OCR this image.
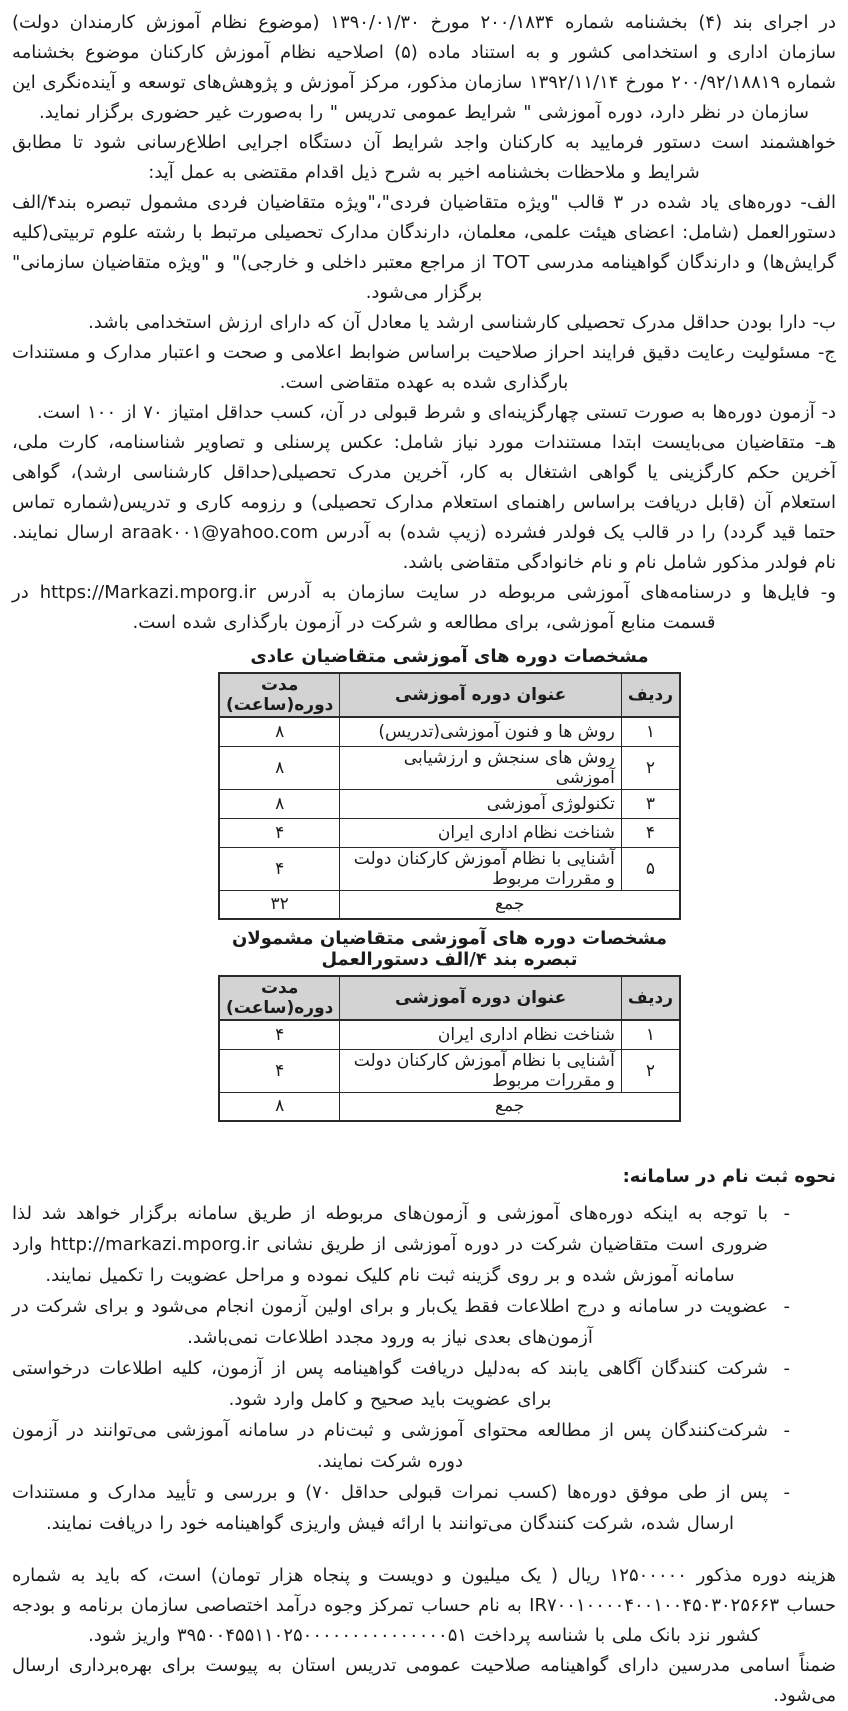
در اجرای بند (۴) بخشنامه شماره ۲۰۰/۱۸۳۴ مورخ ۱۳۹۰/۰۱/۳۰ (موضوع نظام آموزش کارمندان دولت) سازمان اداری و استخدامی کشور و به استناد ماده (۵) اصلاحیه نظام آموزش کارکنان موضوع بخشنامه شماره ۲۰۰/۹۲/۱۸۸۱۹ مورخ ۱۳۹۲/۱۱/۱۴ سازمان مذکور، مرکز آموزش و پژوهش‌های توسعه و آینده‌نگری این سازمان در نظر دارد، دوره آموزشی " شرایط عمومی تدریس " را به‌صورت غیر حضوری برگزار نماید.

خواهشمند است دستور فرمایید به کارکنان واجد شرایط آن دستگاه اجرایی اطلاع‌رسانی شود تا مطابق شرایط و ملاحظات بخشنامه اخیر به شرح ذیل اقدام مقتضی به عمل آید:

الف- دوره‌های یاد شده در ۳ قالب "ویژه متقاضیان فردی"،"ویژه متقاضیان فردی مشمول تبصره بند۴/الف دستورالعمل (شامل: اعضای هیئت علمی، معلمان، دارندگان مدارک تحصیلی مرتبط با رشته علوم تربیتی(کلیه گرایش‌ها) و دارندگان گواهینامه مدرسی TOT از مراجع معتبر داخلی و خارجی)" و "ویژه متقاضیان سازمانی" برگزار می‌شود.

ب- دارا بودن حداقل مدرک تحصیلی کارشناسی ارشد یا معادل آن که دارای ارزش استخدامی باشد.

ج- مسئولیت رعایت دقیق فرایند احراز صلاحیت براساس ضوابط اعلامی و صحت و اعتبار مدارک و مستندات بارگذاری شده به عهده متقاضی است.

د- آزمون دوره‌ها به صورت تستی چهارگزینه‌ای و شرط قبولی در آن، کسب حداقل امتیاز ۷۰ از ۱۰۰ است.

هـ- متقاضیان می‌بایست ابتدا مستندات مورد نیاز شامل: عکس پرسنلی و تصاویر شناسنامه، کارت ملی، آخرین حکم کارگزینی یا گواهی اشتغال به کار، آخرین مدرک تحصیلی(حداقل کارشناسی ارشد)، گواهی استعلام آن (قابل دریافت براساس راهنمای استعلام مدارک تحصیلی) و رزومه کاری و تدریس(شماره تماس حتما قید گردد) را در قالب یک فولدر فشرده (زیپ شده) به آدرس araak۰۰۱@yahoo.com ارسال نمایند. نام فولدر مذکور شامل نام و نام خانوادگی متقاضی باشد.

و- فایل‌ها و درسنامه‌های آموزشی مربوطه در سایت سازمان به آدرس https://Markazi.mporg.ir در قسمت منابع آموزشی، برای مطالعه و شرکت در آزمون بارگذاری شده است.

مشخصات دوره های آموزشی متقاضیان عادی
ردیف	عنوان دوره آموزشی	مدت دوره(ساعت)
۱	روش ها و فنون آموزشی(تدریس)	۸
۲	روش های سنجش و ارزشیابی آموزشی	۸
۳	تکنولوژی آموزشی	۸
۴	شناخت نظام اداری ایران	۴
۵	آشنایی با نظام آموزش کارکنان دولت و مقررات مربوط	۴
جمع		۳۲
مشخصات دوره های آموزشی متقاضیان مشمولان تبصره بند ۴/الف دستورالعمل
ردیف	عنوان دوره آموزشی	مدت دوره(ساعت)
۱	شناخت نظام اداری ایران	۴
۲	آشنایی با نظام آموزش کارکنان دولت و مقررات مربوط	۴
جمع		۸
نحوه ثبت نام در سامانه:
- با توجه به اینکه دوره‌های آموزشی و آزمون‌های مربوطه از طریق سامانه برگزار خواهد شد لذا ضروری است متقاضیان شرکت در دوره آموزشی از طریق نشانی http://markazi.mporg.ir وارد سامانه آموزش شده و بر روی گزینه ثبت نام کلیک نموده و مراحل عضویت را تکمیل نمایند.
- عضویت در سامانه و درج اطلاعات فقط یک‌بار و برای اولین آزمون انجام می‌شود و برای شرکت در آزمون‌های بعدی نیاز به ورود مجدد اطلاعات نمی‌باشد.
- شرکت کنندگان آگاهی یابند که به‌دلیل دریافت گواهینامه پس از آزمون، کلیه اطلاعات درخواستی برای عضویت باید صحیح و کامل وارد شود.
- شرکت‌کنندگان پس از مطالعه محتوای آموزشی و ثبت‌نام در سامانه آموزشی می‌توانند در آزمون دوره شرکت نمایند.
- پس از طی موفق دوره‌ها (کسب نمرات قبولی حداقل ۷۰) و بررسی و تأیید مدارک و مستندات ارسال شده، شرکت کنندگان می‌توانند با ارائه فیش واریزی گواهینامه خود را دریافت نمایند.

هزینه دوره مذکور ۱۲۵۰۰۰۰۰ ریال ( یک میلیون و دویست و پنجاه هزار تومان) است، که باید به شماره حساب IR۷۰۰۱۰۰۰۰۴۰۰۱۰۰۴۵۰۳۰۲۵۶۶۳ به نام حساب تمرکز وجوه درآمد اختصاصی سازمان برنامه و بودجه کشور نزد بانک ملی با شناسه پرداخت ۳۹۵۰۰۴۵۵۱۱۰۲۵۰۰۰۰۰۰۰۰۰۰۰۰۰۰۰۵۱ واریز شود.

ضمناً اسامی مدرسین دارای گواهینامه صلاحیت عمومی تدریس استان به پیوست برای بهره‌برداری ارسال می‌شود.
